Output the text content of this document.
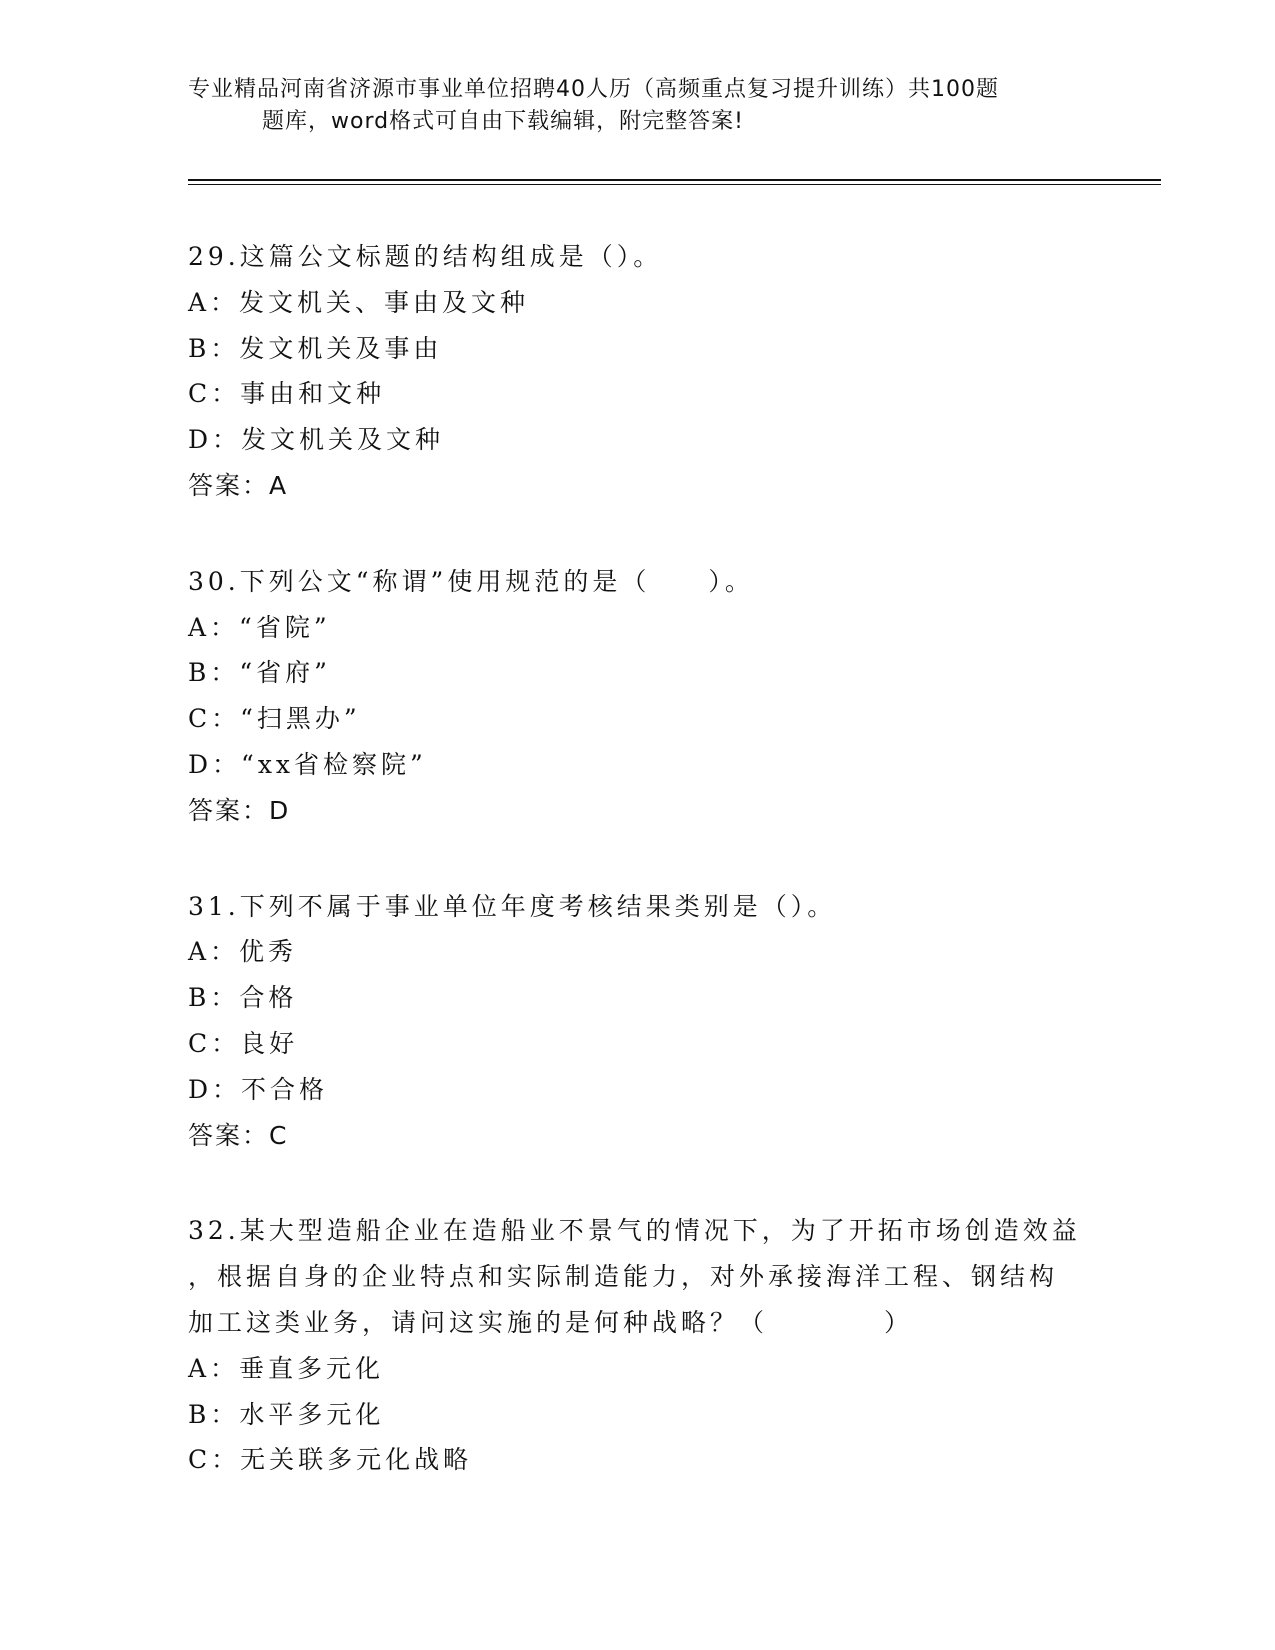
专业精品河南省济源市事业单位招聘40人历（高频重点复习提升训练）共100题
题库，word格式可自由下载编辑，附完整答案!
29.这篇公文标题的结构组成是（）。
A：发文机关、事由及文种
B：发文机关及事由
C：事由和文种
D：发文机关及文种
答案：A
30.下列公文“称谓”使用规范的是（　　）。
A：“省院”
B：“省府”
C：“扫黑办”
D：“xx省检察院”
答案：D
31.下列不属于事业单位年度考核结果类别是（）。
A：优秀
B：合格
C：良好
D：不合格
答案：C
32.某大型造船企业在造船业不景气的情况下，为了开拓市场创造效益
，根据自身的企业特点和实际制造能力，对外承接海洋工程、钢结构
加工这类业务，请问这实施的是何种战略？（　　　　）
A：垂直多元化
B：水平多元化
C：无关联多元化战略
